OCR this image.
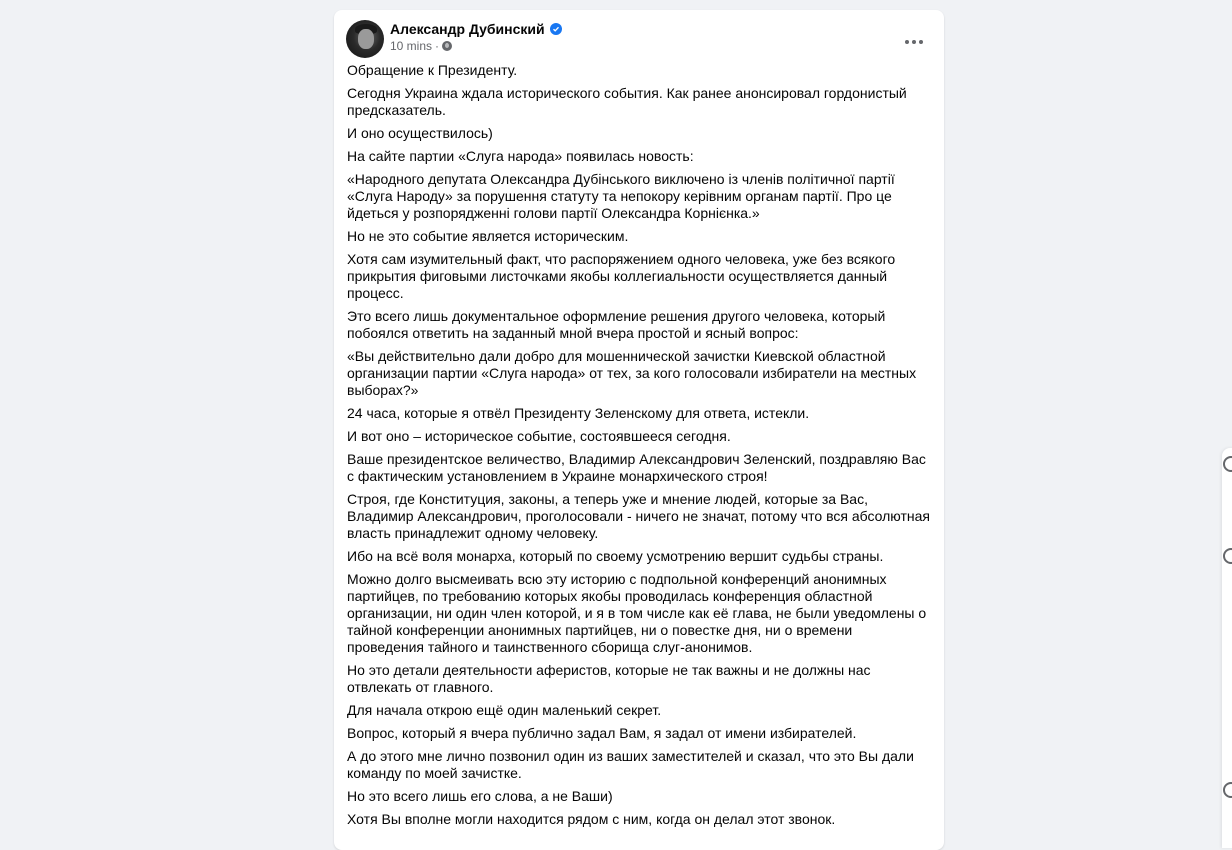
Александр Дубинский
10 mins ·

Обращение к Президенту.

Сегодня Украина ждала исторического события. Как ранее анонсировал гордонистый предсказатель.

И оно осуществилось)

На сайте партии «Слуга народа» появилась новость:

«Народного депутата Олександра Дубінського виключено із членів політичної партії «Слуга Народу» за порушення статуту та непокору керівним органам партії. Про це йдеться у розпорядженні голови партії Олександра Корнієнка.»

Но не это событие является историческим.

Хотя сам изумительный факт, что распоряжением одного человека, уже без всякого прикрытия фиговыми листочками якобы коллегиальности осуществляется данный процесс.

Это всего лишь документальное оформление решения другого человека, который побоялся ответить на заданный мной вчера простой и ясный вопрос:

«Вы действительно дали добро для мошеннической зачистки Киевской областной организации партии «Слуга народа» от тех, за кого голосовали избиратели на местных выборах?»

24 часа, которые я отвёл Президенту Зеленскому для ответа, истекли.

И вот оно – историческое событие, состоявшееся сегодня.

Ваше президентское величество, Владимир Александрович Зеленский, поздравляю Вас с фактическим установлением в Украине монархического строя!

Строя, где Конституция, законы, а теперь уже и мнение людей, которые за Вас, Владимир Александрович, проголосовали - ничего не значат, потому что вся абсолютная власть принадлежит одному человеку.

Ибо на всё воля монарха, который по своему усмотрению вершит судьбы страны.

Можно долго высмеивать всю эту историю с подпольной конференций анонимных партийцев, по требованию которых якобы проводилась конференция областной организации, ни один член которой, и я в том числе как её глава, не были уведомлены о тайной конференции анонимных партийцев, ни о повестке дня, ни о времени проведения тайного и таинственного сборища слуг-анонимов.

Но это детали деятельности аферистов, которые не так важны и не должны нас отвлекать от главного.

Для начала открою ещё один маленький секрет.

Вопрос, который я вчера публично задал Вам, я задал от имени избирателей.

А до этого мне лично позвонил один из ваших заместителей и сказал, что это Вы дали команду по моей зачистке.

Но это всего лишь его слова, а не Ваши)

Хотя Вы вполне могли находится рядом с ним, когда он делал этот звонок.
